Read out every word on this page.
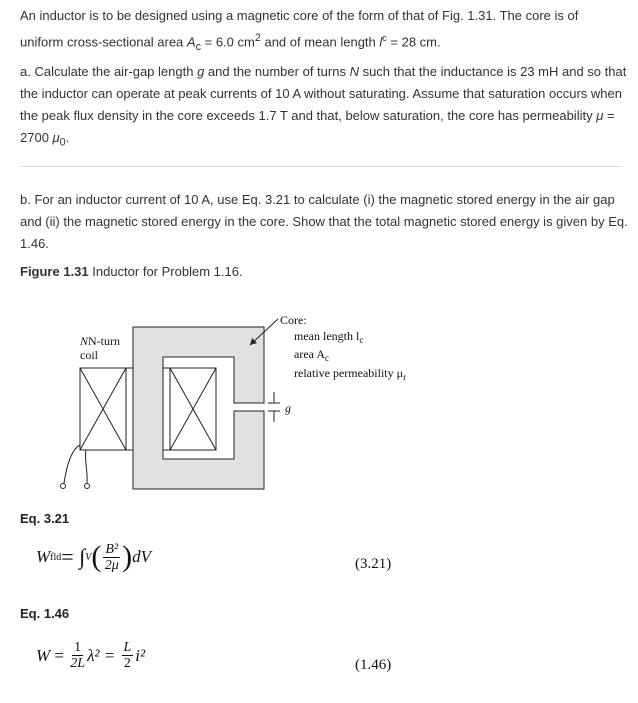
An inductor is to be designed using a magnetic core of the form of that of Fig. 1.31. The core is of
uniform cross-sectional area $A_c = 6.0$ $cm^2$ and of mean length $l^c = 28$ cm.

a. Calculate the air-gap length g and the number of turns N such that the inductance is 23 mH and so that the inductor can operate at peak currents of 10 A without saturating. Assume that saturation occurs when the peak flux density in the core exceeds 1.7 T and that, below saturation, the core has permeability μ = 2700 $\mu_0$.

b. For an inductor current of 10 A, use Eq. 3.21 to calculate (i) the magnetic stored energy in the air gap and (ii) the magnetic stored energy in the core. Show that the total magnetic stored energy is given by Eq. 1.46.

Figure 1.31 Inductor for Problem 1.16.
g
NN-turn
coil
Core:
mean length $l_c$
area $A_c$
relative permeability $\mu_r$
Eq. 3.21
W fld = ∫ V ( $\frac{\text{B²}}{2\mu}$ ) dV	(3.21)
Eq. 1.46
$W = \frac{1}{2L} \lambda^2 = \frac{L}{2} i^2$
(1.46)
